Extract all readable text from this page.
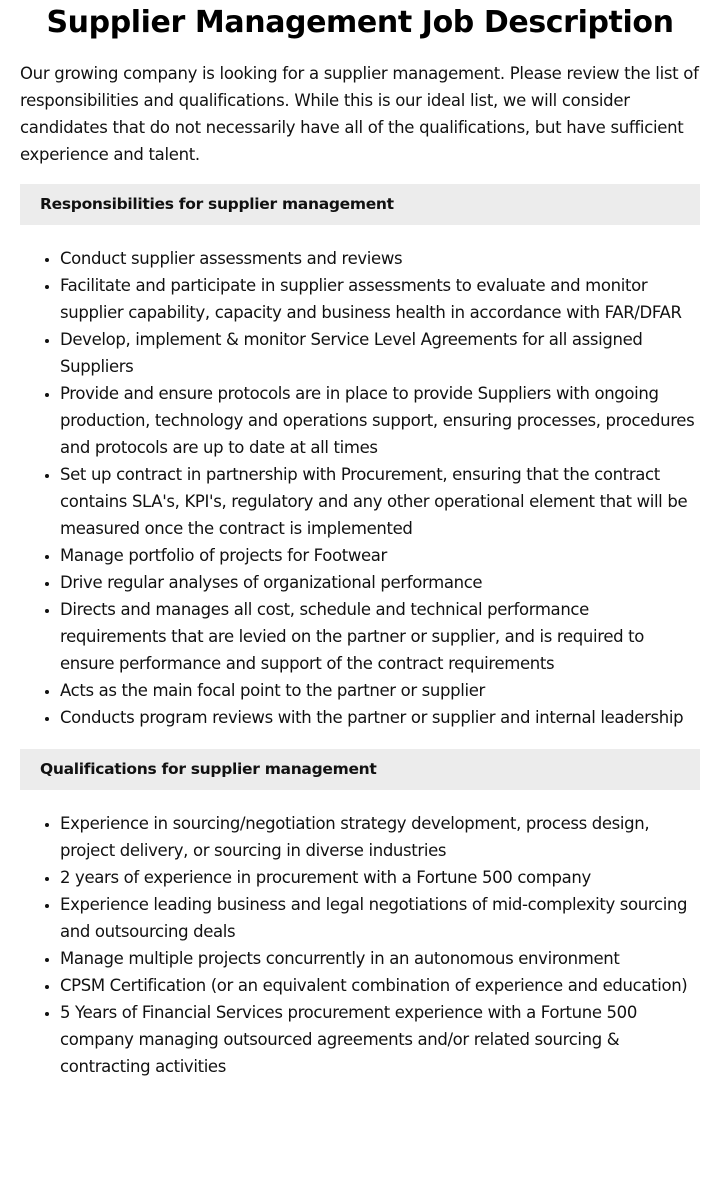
Supplier Management Job Description

Our growing company is looking for a supplier management. Please review the list of responsibilities and qualifications. While this is our ideal list, we will consider candidates that do not necessarily have all of the qualifications, but have sufficient experience and talent.

Responsibilities for supplier management
• Conduct supplier assessments and reviews
• Facilitate and participate in supplier assessments to evaluate and monitor supplier capability, capacity and business health in accordance with FAR/DFAR
• Develop, implement & monitor Service Level Agreements for all assigned Suppliers
• Provide and ensure protocols are in place to provide Suppliers with ongoing production, technology and operations support, ensuring processes, procedures and protocols are up to date at all times
• Set up contract in partnership with Procurement, ensuring that the contract contains SLA's, KPI's, regulatory and any other operational element that will be measured once the contract is implemented
• Manage portfolio of projects for Footwear
• Drive regular analyses of organizational performance
• Directs and manages all cost, schedule and technical performance requirements that are levied on the partner or supplier, and is required to ensure performance and support of the contract requirements
• Acts as the main focal point to the partner or supplier
• Conducts program reviews with the partner or supplier and internal leadership
Qualifications for supplier management
• Experience in sourcing/negotiation strategy development, process design, project delivery, or sourcing in diverse industries
• 2 years of experience in procurement with a Fortune 500 company
• Experience leading business and legal negotiations of mid-complexity sourcing and outsourcing deals
• Manage multiple projects concurrently in an autonomous environment
• CPSM Certification (or an equivalent combination of experience and education)
• 5 Years of Financial Services procurement experience with a Fortune 500 company managing outsourced agreements and/or related sourcing & contracting activities
